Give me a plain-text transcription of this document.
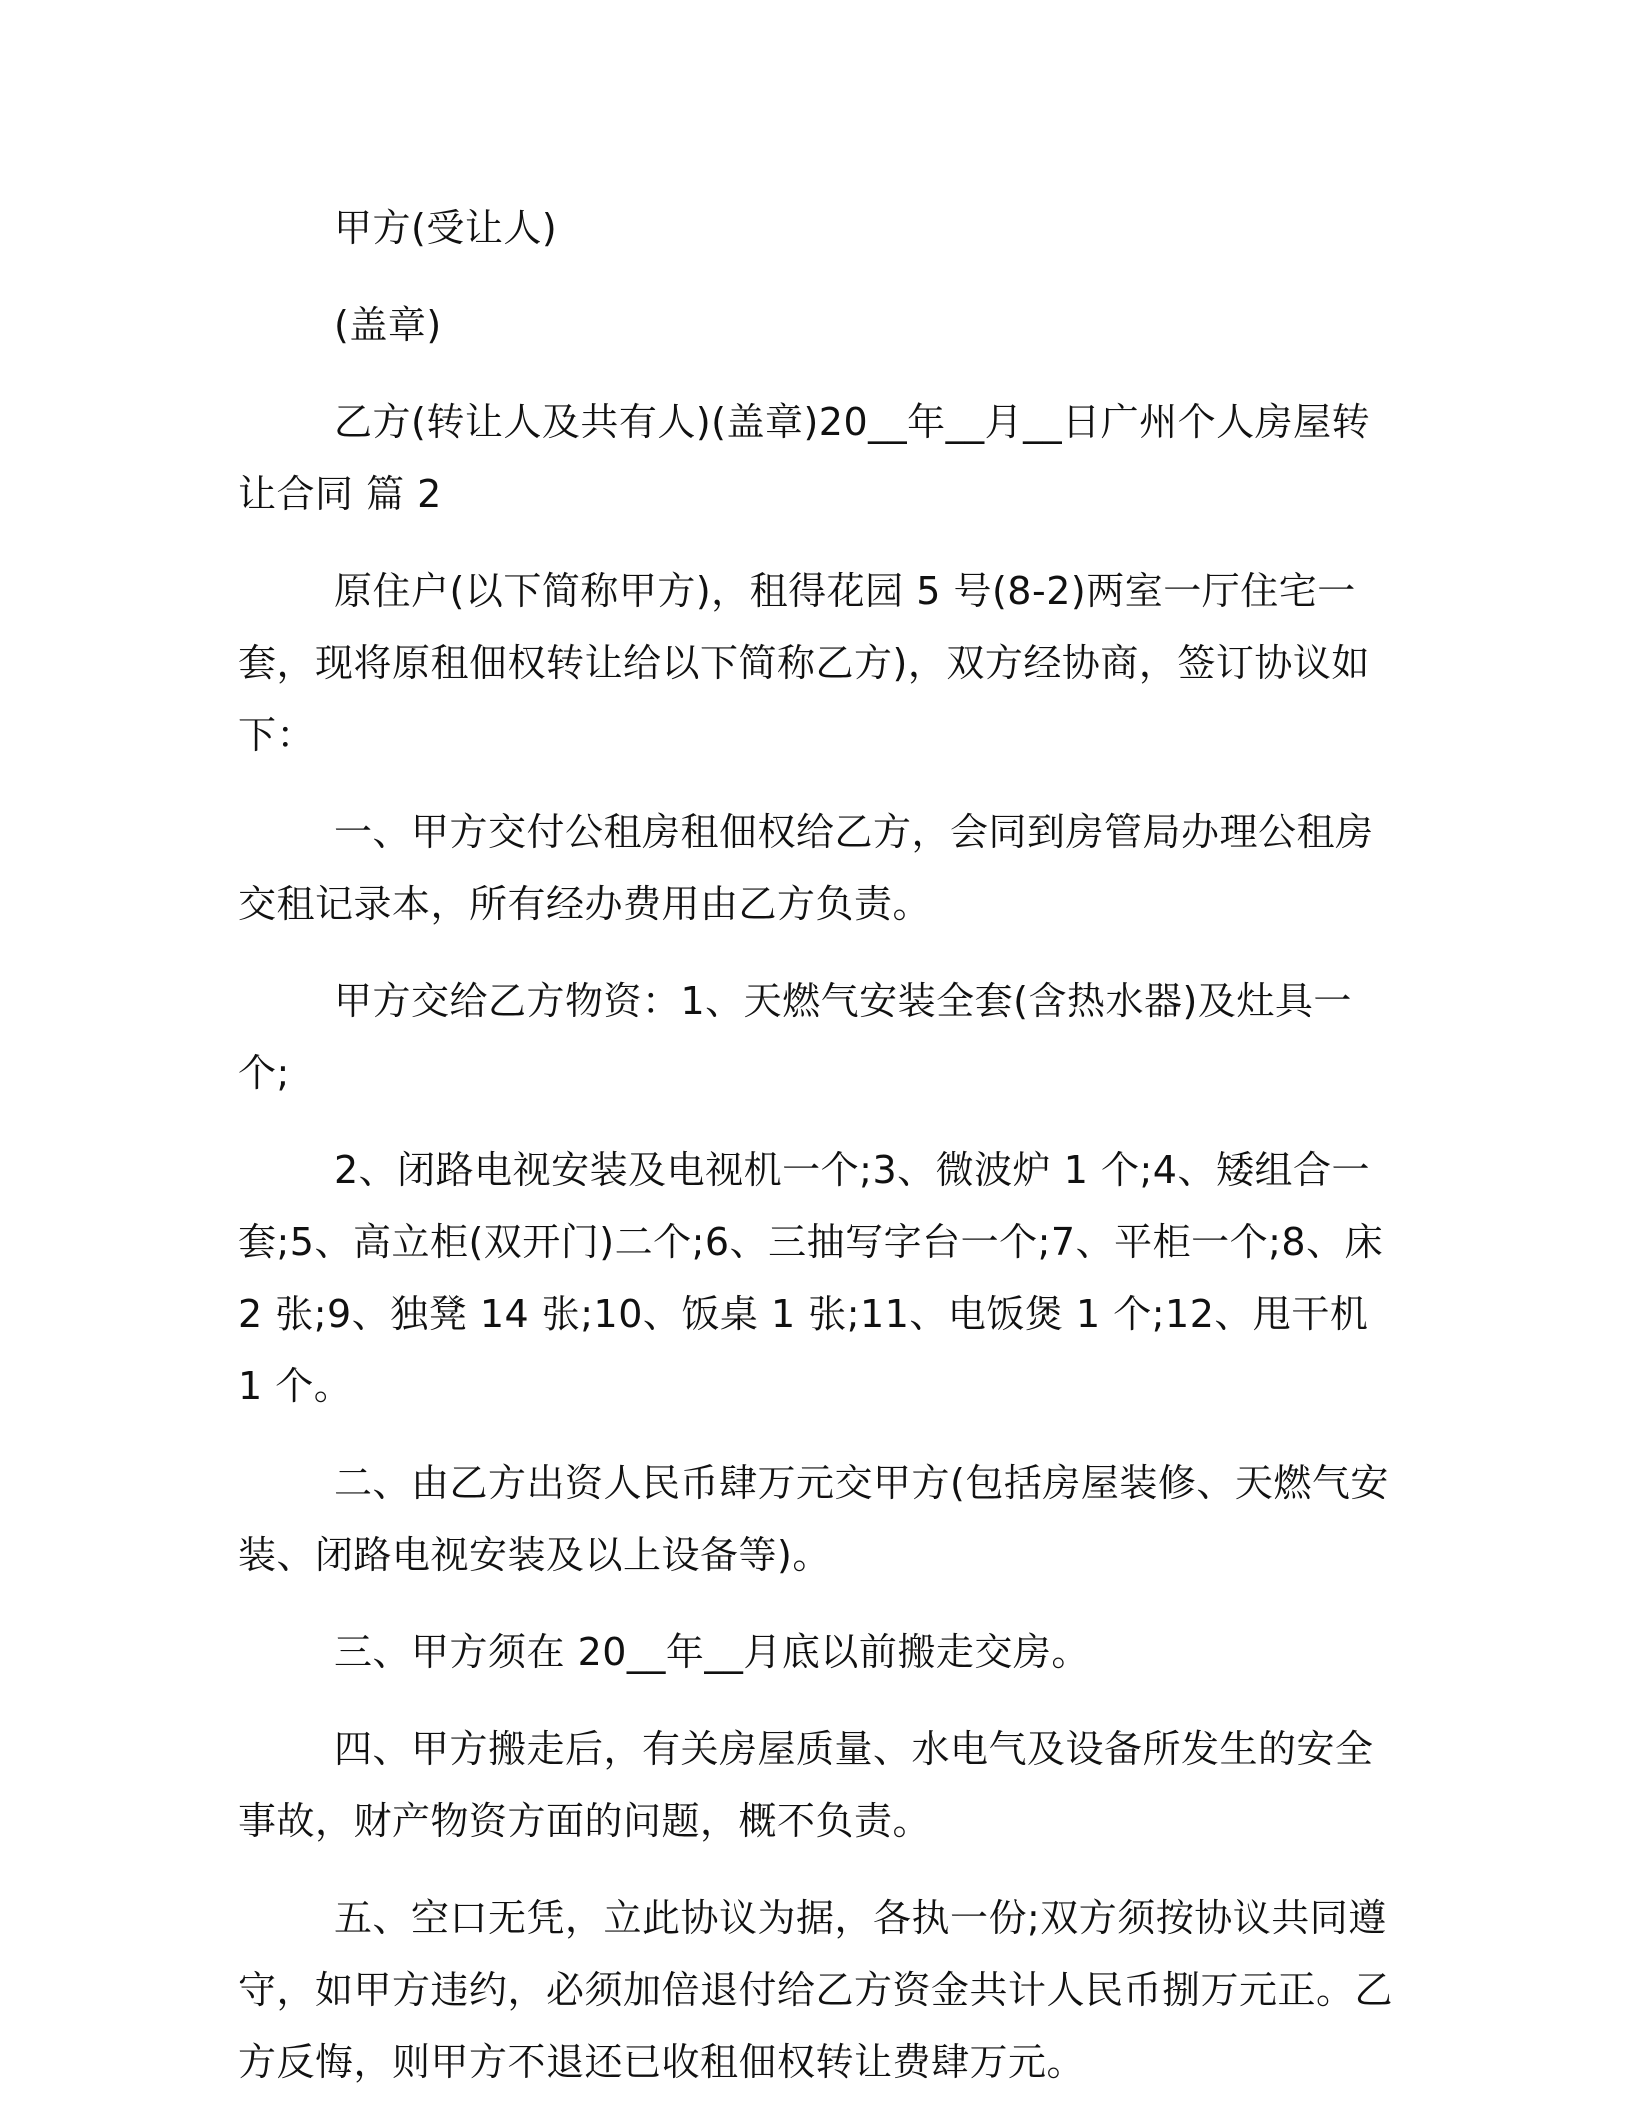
甲方(受让人)

(盖章)

乙方(转让人及共有人)(盖章)20__年__月__日广州个人房屋转让合同 篇 2

原住户(以下简称甲方)，租得花园 5 号(8-2)两室一厅住宅一套，现将原租佃权转让给以下简称乙方)，双方经协商，签订协议如下：

一、甲方交付公租房租佃权给乙方，会同到房管局办理公租房交租记录本，所有经办费用由乙方负责。

甲方交给乙方物资：1、天燃气安装全套(含热水器)及灶具一个;

2、闭路电视安装及电视机一个;3、微波炉 1 个;4、矮组合一套;5、高立柜(双开门)二个;6、三抽写字台一个;7、平柜一个;8、床 2 张;9、独凳 14 张;10、饭桌 1 张;11、电饭煲 1 个;12、甩干机 1 个。

二、由乙方出资人民币肆万元交甲方(包括房屋装修、天燃气安装、闭路电视安装及以上设备等)。

三、甲方须在 20__年__月底以前搬走交房。

四、甲方搬走后，有关房屋质量、水电气及设备所发生的安全事故，财产物资方面的问题，概不负责。

五、空口无凭，立此协议为据，各执一份;双方须按协议共同遵守，如甲方违约，必须加倍退付给乙方资金共计人民币捌万元正。乙方反悔，则甲方不退还已收租佃权转让费肆万元。
